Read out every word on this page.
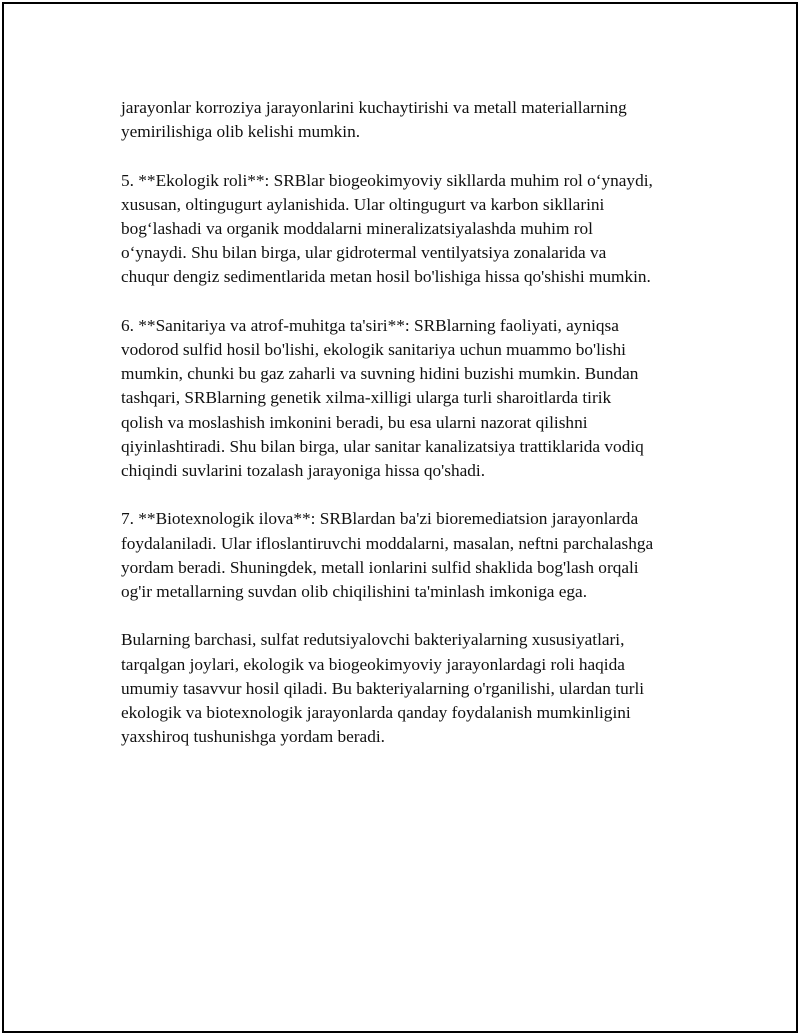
jarayonlar korroziya jarayonlarini kuchaytirishi va metall materiallarning
yemirilishiga olib kelishi mumkin.

5. **Ekologik roli**: SRBlar biogeokimyoviy sikllarda muhim rol o‘ynaydi,
xususan, oltingugurt aylanishida. Ular oltingugurt va karbon sikllarini
bog‘lashadi va organik moddalarni mineralizatsiyalashda muhim rol
o‘ynaydi. Shu bilan birga, ular gidrotermal ventilyatsiya zonalarida va
chuqur dengiz sedimentlarida metan hosil bo'lishiga hissa qo'shishi mumkin.

6. **Sanitariya va atrof-muhitga ta'siri**: SRBlarning faoliyati, ayniqsa
vodorod sulfid hosil bo'lishi, ekologik sanitariya uchun muammo bo'lishi
mumkin, chunki bu gaz zaharli va suvning hidini buzishi mumkin. Bundan
tashqari, SRBlarning genetik xilma-xilligi ularga turli sharoitlarda tirik
qolish va moslashish imkonini beradi, bu esa ularni nazorat qilishni
qiyinlashtiradi. Shu bilan birga, ular sanitar kanalizatsiya trattiklarida vodiq
chiqindi suvlarini tozalash jarayoniga hissa qo'shadi.

7. **Biotexnologik ilova**: SRBlardan ba'zi bioremediatsion jarayonlarda
foydalaniladi. Ular ifloslantiruvchi moddalarni, masalan, neftni parchalashga
yordam beradi. Shuningdek, metall ionlarini sulfid shaklida bog'lash orqali
og'ir metallarning suvdan olib chiqilishini ta'minlash imkoniga ega.

Bularning barchasi, sulfat redutsiyalovchi bakteriyalarning xususiyatlari,
tarqalgan joylari, ekologik va biogeokimyoviy jarayonlardagi roli haqida
umumiy tasavvur hosil qiladi. Bu bakteriyalarning o'rganilishi, ulardan turli
ekologik va biotexnologik jarayonlarda qanday foydalanish mumkinligini
yaxshiroq tushunishga yordam beradi.
